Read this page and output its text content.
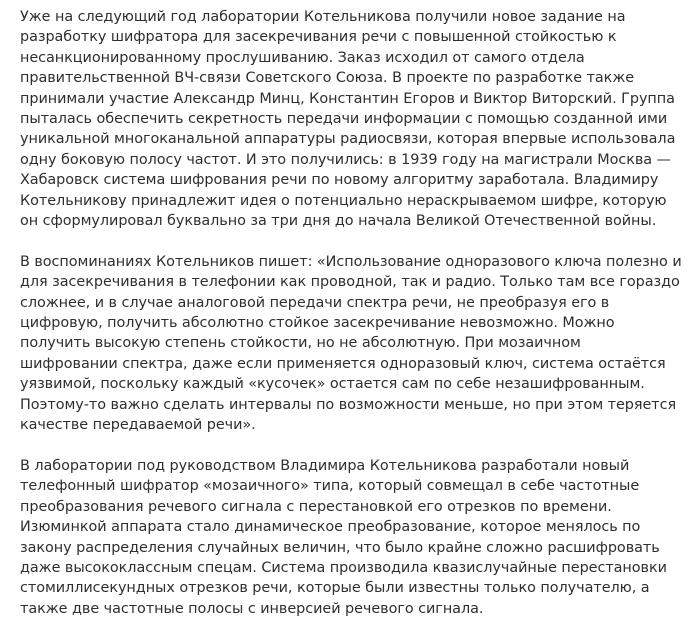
Уже на следующий год лаборатории Котельникова получили новое задание на разработку шифратора для засекречивания речи с повышенной стойкостью к несанкционированному прослушиванию. Заказ исходил от самого отдела правительственной ВЧ-связи Советского Союза. В проекте по разработке также принимали участие Александр Минц, Константин Егоров и Виктор Виторский. Группа пыталась обеспечить секретность передачи информации с помощью созданной ими уникальной многоканальной аппаратуры радиосвязи, которая впервые использовала одну боковую полосу частот. И это получились: в 1939 году на магистрали Москва — Хабаровск система шифрования речи по новому алгоритму заработала. Владимиру Котельникову принадлежит идея о потенциально нераскрываемом шифре, которую он сформулировал буквально за три дня до начала Великой Отечественной войны.

В воспоминаниях Котельников пишет: «Использование одноразового ключа полезно и для засекречивания в телефонии как проводной, так и радио. Только там все гораздо сложнее, и в случае аналоговой передачи спектра речи, не преобразуя его в цифровую, получить абсолютно стойкое засекречивание невозможно. Можно получить высокую степень стойкости, но не абсолютную. При мозаичном шифровании спектра, даже если применяется одноразовый ключ, система остаётся уязвимой, поскольку каждый «кусочек» остается сам по себе незашифрованным. Поэтому-то важно сделать интервалы по возможности меньше, но при этом теряется качестве передаваемой речи».

В лаборатории под руководством Владимира Котельникова разработали новый телефонный шифратор «мозаичного» типа, который совмещал в себе частотные преобразования речевого сигнала с перестановкой его отрезков по времени. Изюминкой аппарата стало динамическое преобразование, которое менялось по закону распределения случайных величин, что было крайне сложно расшифровать даже высококлассным спецам. Система производила квазислучайные перестановки стомиллисекундных отрезков речи, которые были известны только получателю, а также две частотные полосы с инверсией речевого сигнала.
